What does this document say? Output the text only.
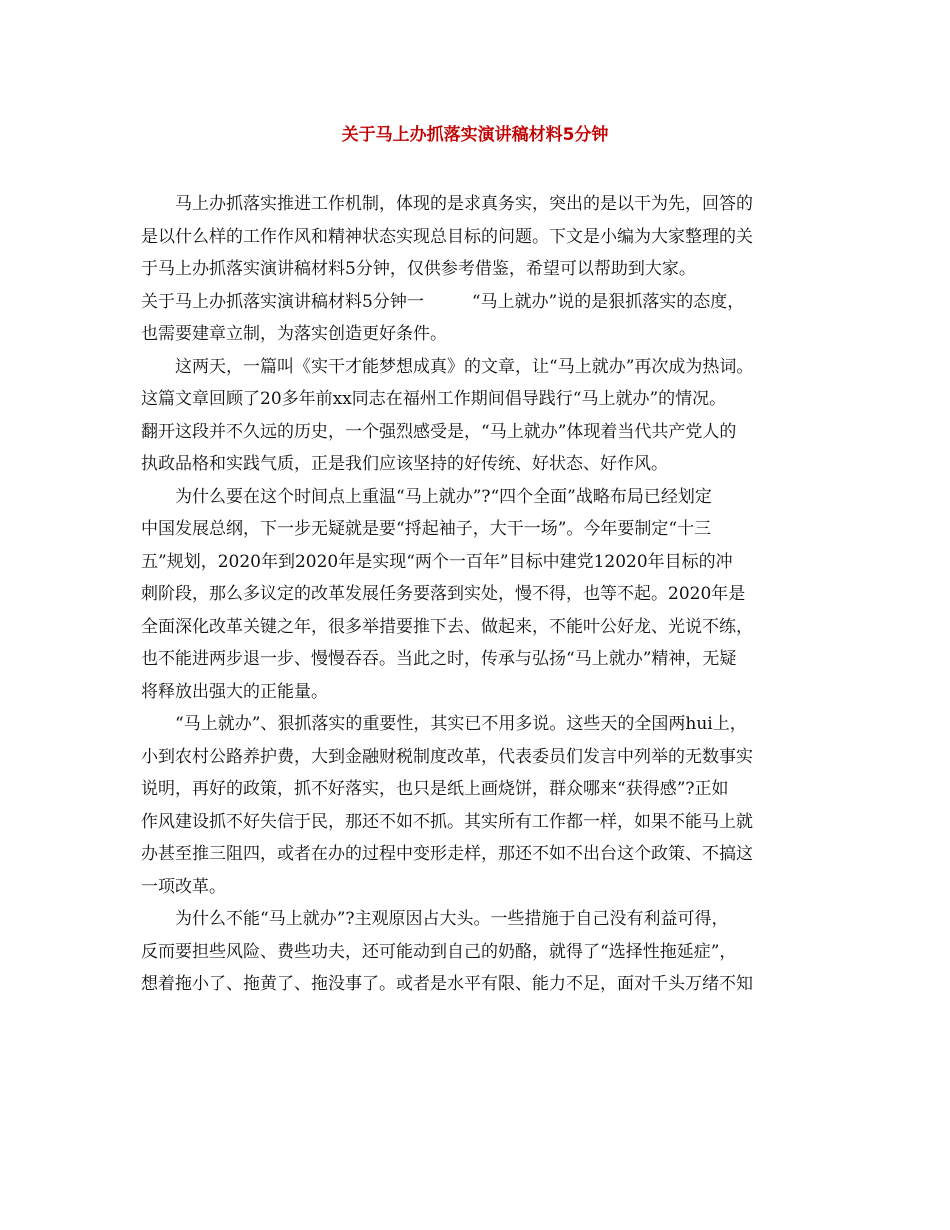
关于马上办抓落实演讲稿材料5分钟
马上办抓落实推进工作机制，体现的是求真务实，突出的是以干为先，回答的
是以什么样的工作作风和精神状态实现总目标的问题。下文是小编为大家整理的关
于马上办抓落实演讲稿材料5分钟，仅供参考借鉴，希望可以帮助到大家。
关于马上办抓落实演讲稿材料5分钟一	“马上就办”说的是狠抓落实的态度，
也需要建章立制，为落实创造更好条件。
这两天，一篇叫《实干才能梦想成真》的文章，让“马上就办”再次成为热词。
这篇文章回顾了20多年前xx同志在福州工作期间倡导践行“马上就办”的情况。
翻开这段并不久远的历史，一个强烈感受是，“马上就办”体现着当代共产党人的
执政品格和实践气质，正是我们应该坚持的好传统、好状态、好作风。
为什么要在这个时间点上重温“马上就办”?“四个全面”战略布局已经划定
中国发展总纲，下一步无疑就是要“捋起袖子，大干一场”。今年要制定“十三
五”规划，2020年到2020年是实现“两个一百年”目标中建党12020年目标的冲
刺阶段，那么多议定的改革发展任务要落到实处，慢不得，也等不起。2020年是
全面深化改革关键之年，很多举措要推下去、做起来，不能叶公好龙、光说不练，
也不能进两步退一步、慢慢吞吞。当此之时，传承与弘扬“马上就办”精神，无疑
将释放出强大的正能量。
“马上就办”、狠抓落实的重要性，其实已不用多说。这些天的全国两hui上，
小到农村公路养护费，大到金融财税制度改革，代表委员们发言中列举的无数事实
说明，再好的政策，抓不好落实，也只是纸上画烧饼，群众哪来“获得感”?正如
作风建设抓不好失信于民，那还不如不抓。其实所有工作都一样，如果不能马上就
办甚至推三阻四，或者在办的过程中变形走样，那还不如不出台这个政策、不搞这
一项改革。
为什么不能“马上就办”?主观原因占大头。一些措施于自己没有利益可得，
反而要担些风险、费些功夫，还可能动到自己的奶酪，就得了“选择性拖延症”，
想着拖小了、拖黄了、拖没事了。或者是水平有限、能力不足，面对千头万绪不知
